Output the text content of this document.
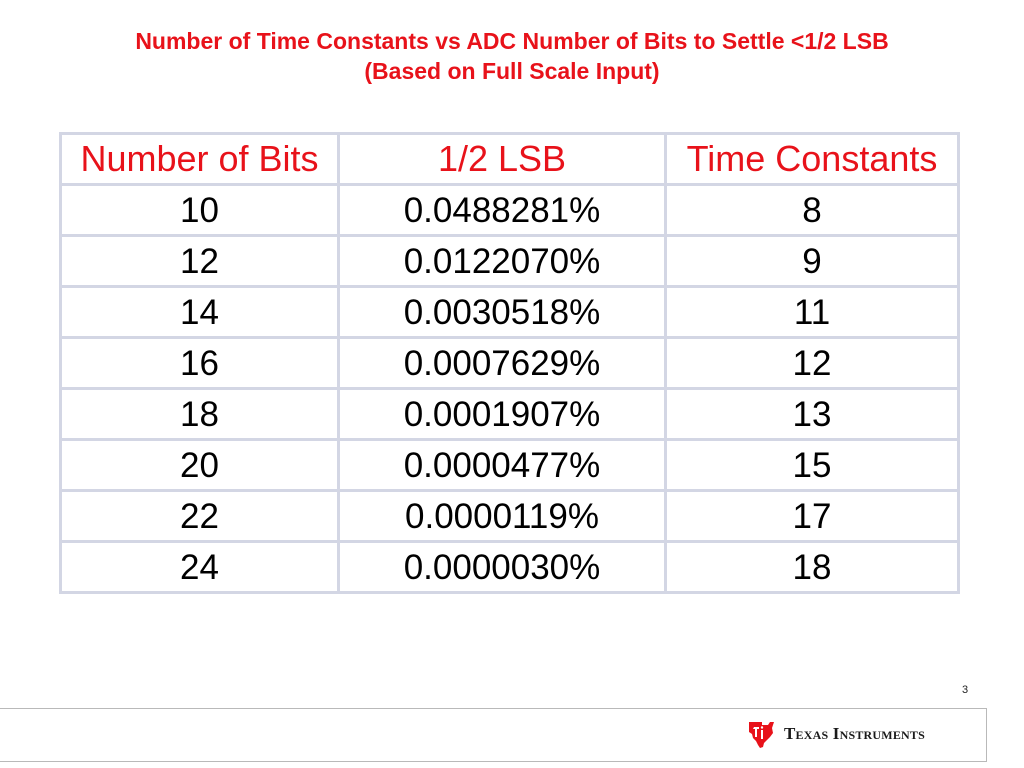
Number of Time Constants vs ADC Number of Bits to Settle <1/2 LSB
(Based on Full Scale Input)
Number of Bits	1/2 LSB	Time Constants
10	0.0488281%	8
12	0.0122070%	9
14	0.0030518%	11
16	0.0007629%	12
18	0.0001907%	13
20	0.0000477%	15
22	0.0000119%	17
24	0.0000030%	18
3
Texas Instruments
